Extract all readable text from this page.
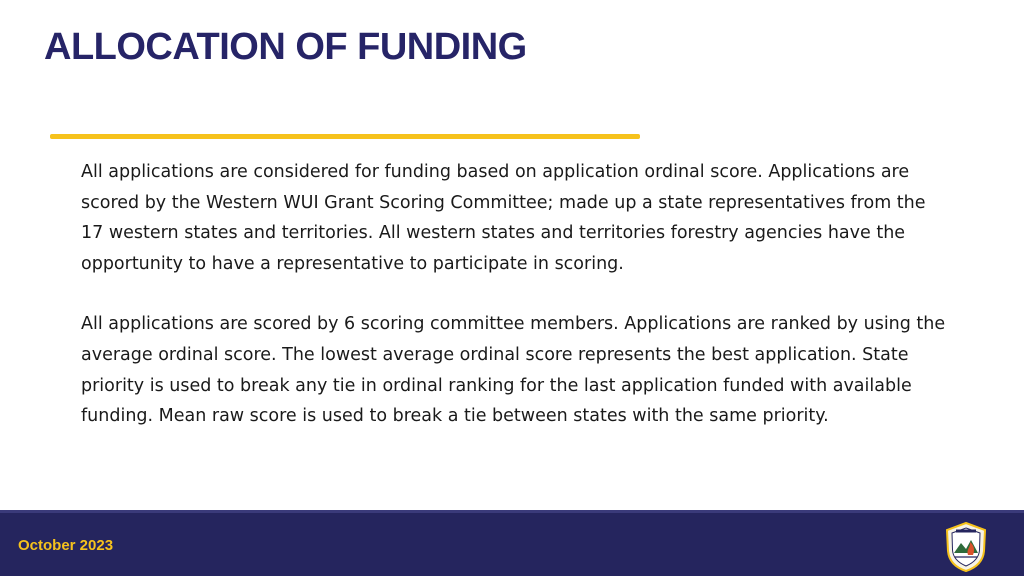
ALLOCATION OF FUNDING

All applications are considered for funding based on application ordinal score. Applications are scored by the Western WUI Grant Scoring Committee; made up a state representatives from the 17 western states and territories. All western states and territories forestry agencies have the opportunity to have a representative to participate in scoring.

All applications are scored by 6 scoring committee members. Applications are ranked by using the average ordinal score. The lowest average ordinal score represents the best application. State priority is used to break any tie in ordinal ranking for the last application funded with available funding. Mean raw score is used to break a tie between states with the same priority.

October 2023
